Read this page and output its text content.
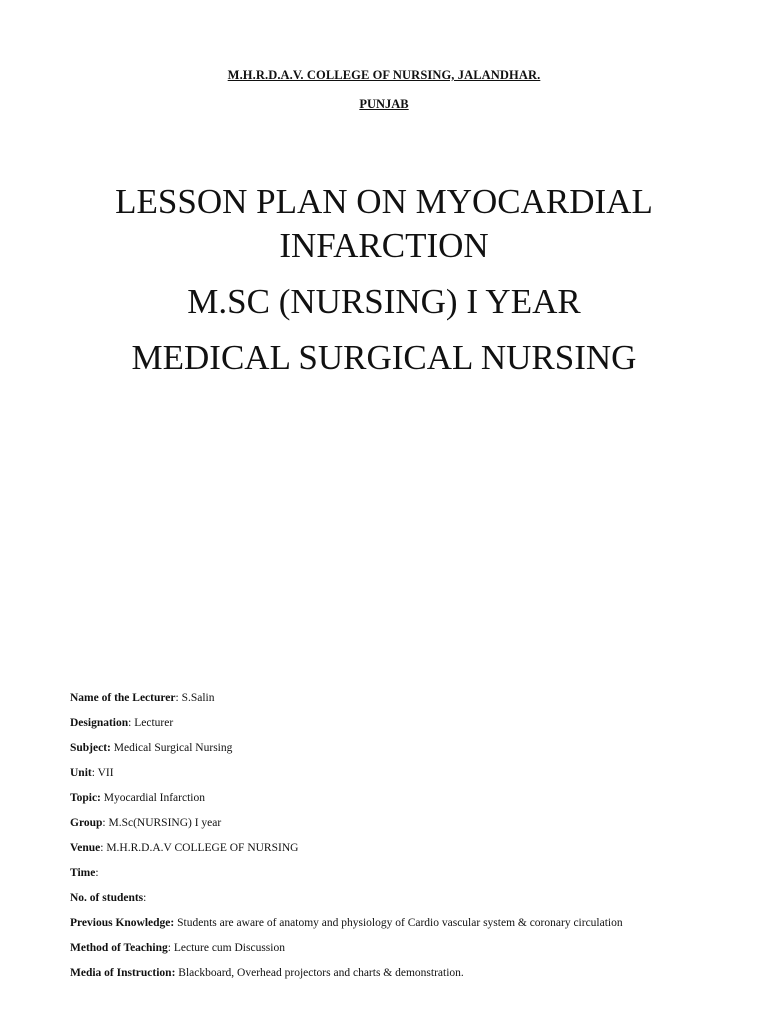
M.H.R.D.A.V. COLLEGE OF NURSING, JALANDHAR.
PUNJAB
LESSON PLAN ON MYOCARDIAL
INFARCTION
M.SC (NURSING) I YEAR
MEDICAL SURGICAL NURSING
Name of the Lecturer: S.Salin
Designation: Lecturer
Subject: Medical Surgical Nursing
Unit: VII
Topic: Myocardial Infarction
Group: M.Sc(NURSING) I year
Venue: M.H.R.D.A.V COLLEGE OF NURSING
Time:
No. of students:
Previous Knowledge: Students are aware of anatomy and physiology of Cardio vascular system & coronary circulation
Method of Teaching: Lecture cum Discussion
Media of Instruction: Blackboard, Overhead projectors and charts & demonstration.
